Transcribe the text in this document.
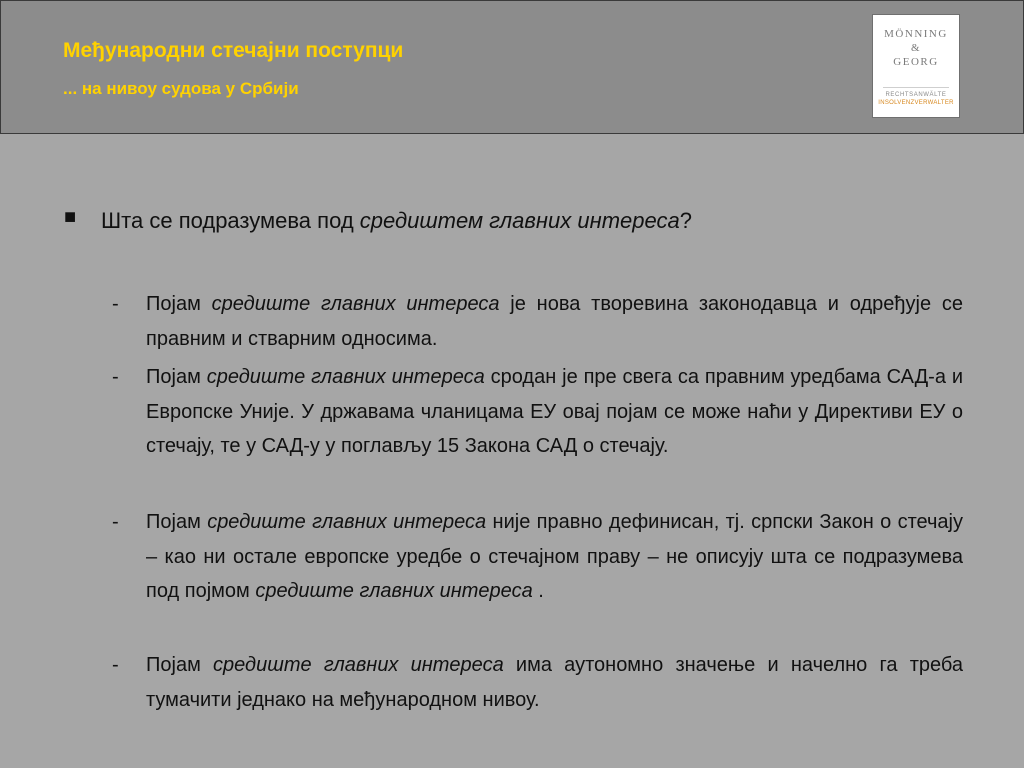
Међународни стечајни поступци
... на нивоу судова у Србији
MÖNNING
&
GEORG
RECHTSANWÄLTE
INSOLVENZVERWALTER
■ Шта се подразумева под средиштем главних интереса?
- Појам средиште главних интереса је нова творевина законодавца и одређује се правним и стварним односима.
- Појам средиште главних интереса сродан је пре свега са правним уредбама САД-а и Европске Уније. У државама чланицама ЕУ овај појам се може наћи у Директиви ЕУ о стечају, те у САД-у у поглављу 15 Закона САД о стечају.
- Појам средиште главних интереса није правно дефинисан, тј. српски Закон о стечају – као ни остале европске уредбе о стечајном праву – не описују шта се подразумева под појмом средиште главних интереса .
- Појам средиште главних интереса има аутономно значење и начелно га треба тумачити једнако на међународном нивоу.
